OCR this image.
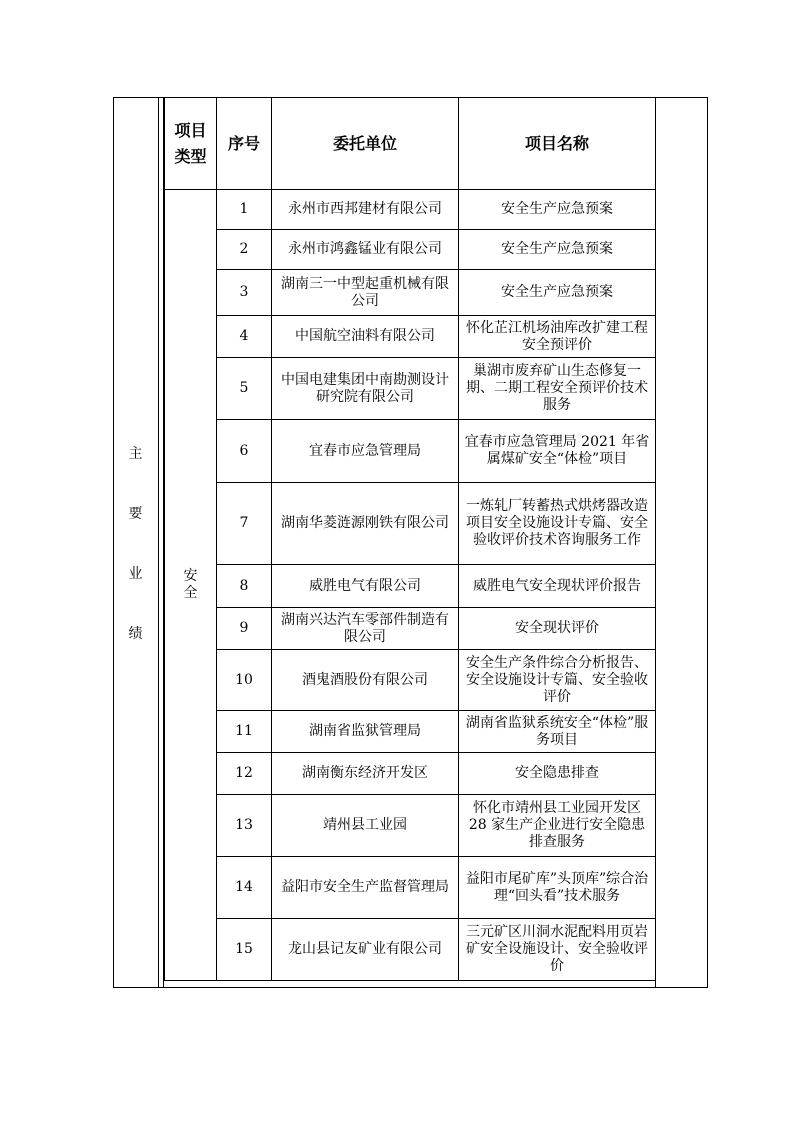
主
要
业
绩
项目
类型	序号	委托单位	项目名称

安
全	1	永州市西邦建材有限公司	安全生产应急预案
	2	永州市鸿鑫锰业有限公司	安全生产应急预案
	3	湖南三一中型起重机械有限公司	安全生产应急预案
	4	中国航空油料有限公司	怀化芷江机场油库改扩建工程安全预评价
	5	中国电建集团中南勘测设计研究院有限公司	巢湖市废弃矿山生态修复一期、二期工程安全预评价技术服务
	6	宜春市应急管理局	宜春市应急管理局 2021 年省属煤矿安全“体检”项目
	7	湖南华菱涟源刚铁有限公司	一炼轧厂转蓄热式烘烤器改造项目安全设施设计专篇、安全验收评价技术咨询服务工作
	8	威胜电气有限公司	威胜电气安全现状评价报告
	9	湖南兴达汽车零部件制造有限公司	安全现状评价
	10	酒鬼酒股份有限公司	安全生产条件综合分析报告、安全设施设计专篇、安全验收评价
	11	湖南省监狱管理局	湖南省监狱系统安全“体检”服务项目
	12	湖南衡东经济开发区	安全隐患排查
	13	靖州县工业园	怀化市靖州县工业园开发区 28 家生产企业进行安全隐患排查服务
	14	益阳市安全生产监督管理局	益阳市尾矿库”头顶库”综合治理“回头看”技术服务
	15	龙山县记友矿业有限公司	三元矿区川洞水泥配料用页岩矿安全设施设计、安全验收评价
